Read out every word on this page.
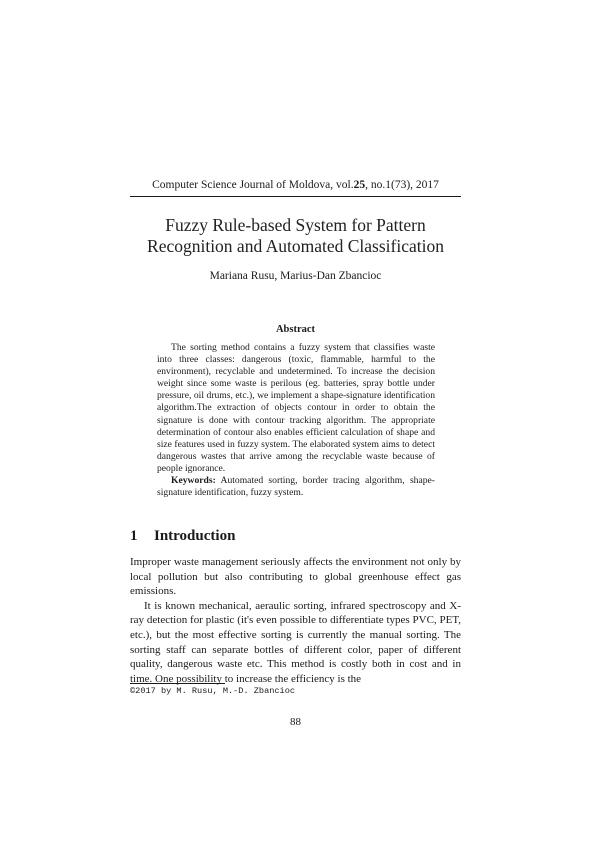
Computer Science Journal of Moldova, vol.25, no.1(73), 2017
Fuzzy Rule-based System for Pattern
Recognition and Automated Classification
Mariana Rusu, Marius-Dan Zbancioc
Abstract

The sorting method contains a fuzzy system that classifies waste into three classes: dangerous (toxic, flammable, harmful to the environment), recyclable and undetermined. To increase the decision weight since some waste is perilous (eg. batteries, spray bottle under pressure, oil drums, etc.), we implement a shape-signature identification algorithm.The extraction of objects contour in order to obtain the signature is done with contour tracking algorithm. The appropriate determination of contour also enables efficient calculation of shape and size features used in fuzzy system. The elaborated system aims to detect dangerous wastes that arrive among the recyclable waste because of people ignorance.

Keywords: Automated sorting, border tracing algorithm, shape-signature identification, fuzzy system.

1 Introduction

Improper waste management seriously affects the environment not only by local pollution but also contributing to global greenhouse effect gas emissions.

It is known mechanical, aeraulic sorting, infrared spectroscopy and X-ray detection for plastic (it's even possible to differentiate types PVC, PET, etc.), but the most effective sorting is currently the manual sorting. The sorting staff can separate bottles of different color, paper of different quality, dangerous waste etc. This method is costly both in cost and in time. One possibility to increase the efficiency is the

©2017 by M. Rusu, M.-D. Zbancioc
88
